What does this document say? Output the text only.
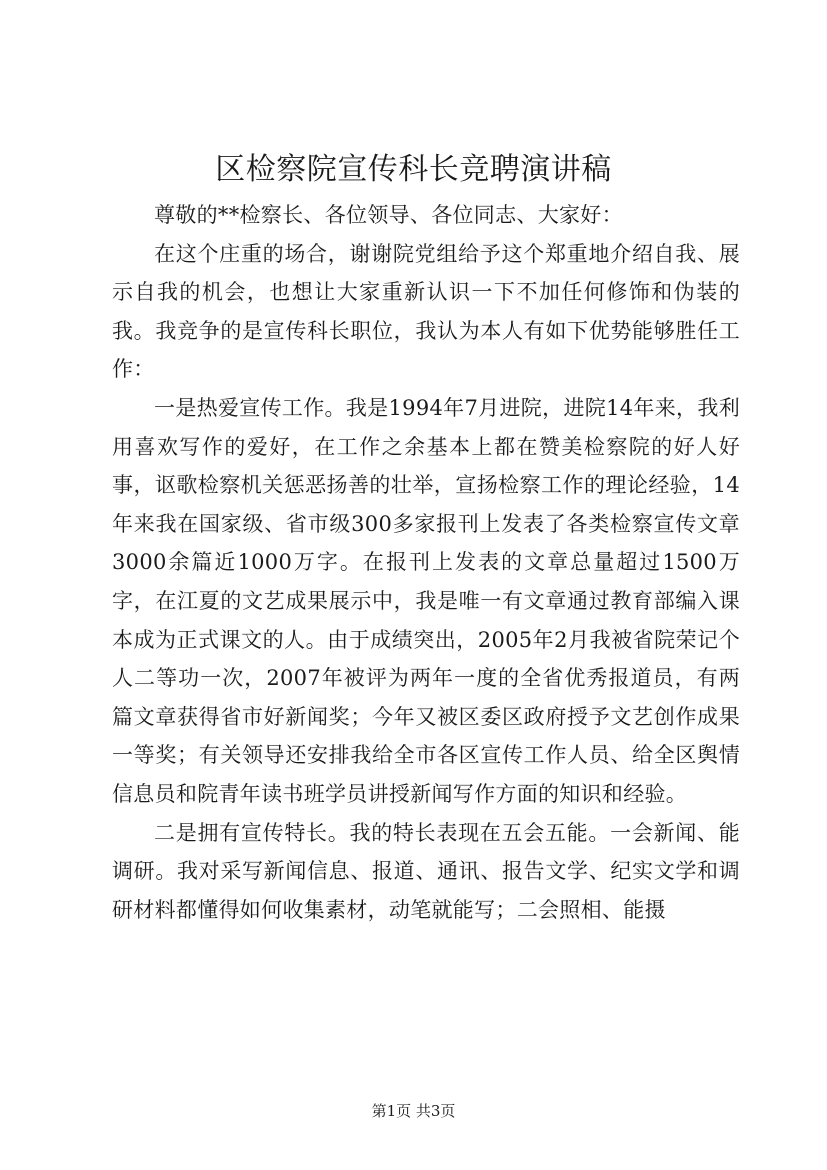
区检察院宣传科长竞聘演讲稿

尊敬的**检察长、各位领导、各位同志、大家好：

在这个庄重的场合，谢谢院党组给予这个郑重地介绍自我、展示自我的机会，也想让大家重新认识一下不加任何修饰和伪装的我。我竞争的是宣传科长职位，我认为本人有如下优势能够胜任工作：

一是热爱宣传工作。我是1994年7月进院，进院14年来，我利用喜欢写作的爱好，在工作之余基本上都在赞美检察院的好人好事，讴歌检察机关惩恶扬善的壮举，宣扬检察工作的理论经验，14年来我在国家级、省市级300多家报刊上发表了各类检察宣传文章3000余篇近1000万字。在报刊上发表的文章总量超过1500万字，在江夏的文艺成果展示中，我是唯一有文章通过教育部编入课本成为正式课文的人。由于成绩突出，2005年2月我被省院荣记个人二等功一次，2007年被评为两年一度的全省优秀报道员，有两篇文章获得省市好新闻奖；今年又被区委区政府授予文艺创作成果一等奖；有关领导还安排我给全市各区宣传工作人员、给全区舆情信息员和院青年读书班学员讲授新闻写作方面的知识和经验。

二是拥有宣传特长。我的特长表现在五会五能。一会新闻、能调研。我对采写新闻信息、报道、通讯、报告文学、纪实文学和调研材料都懂得如何收集素材，动笔就能写；二会照相、能摄

第1页 共3页
